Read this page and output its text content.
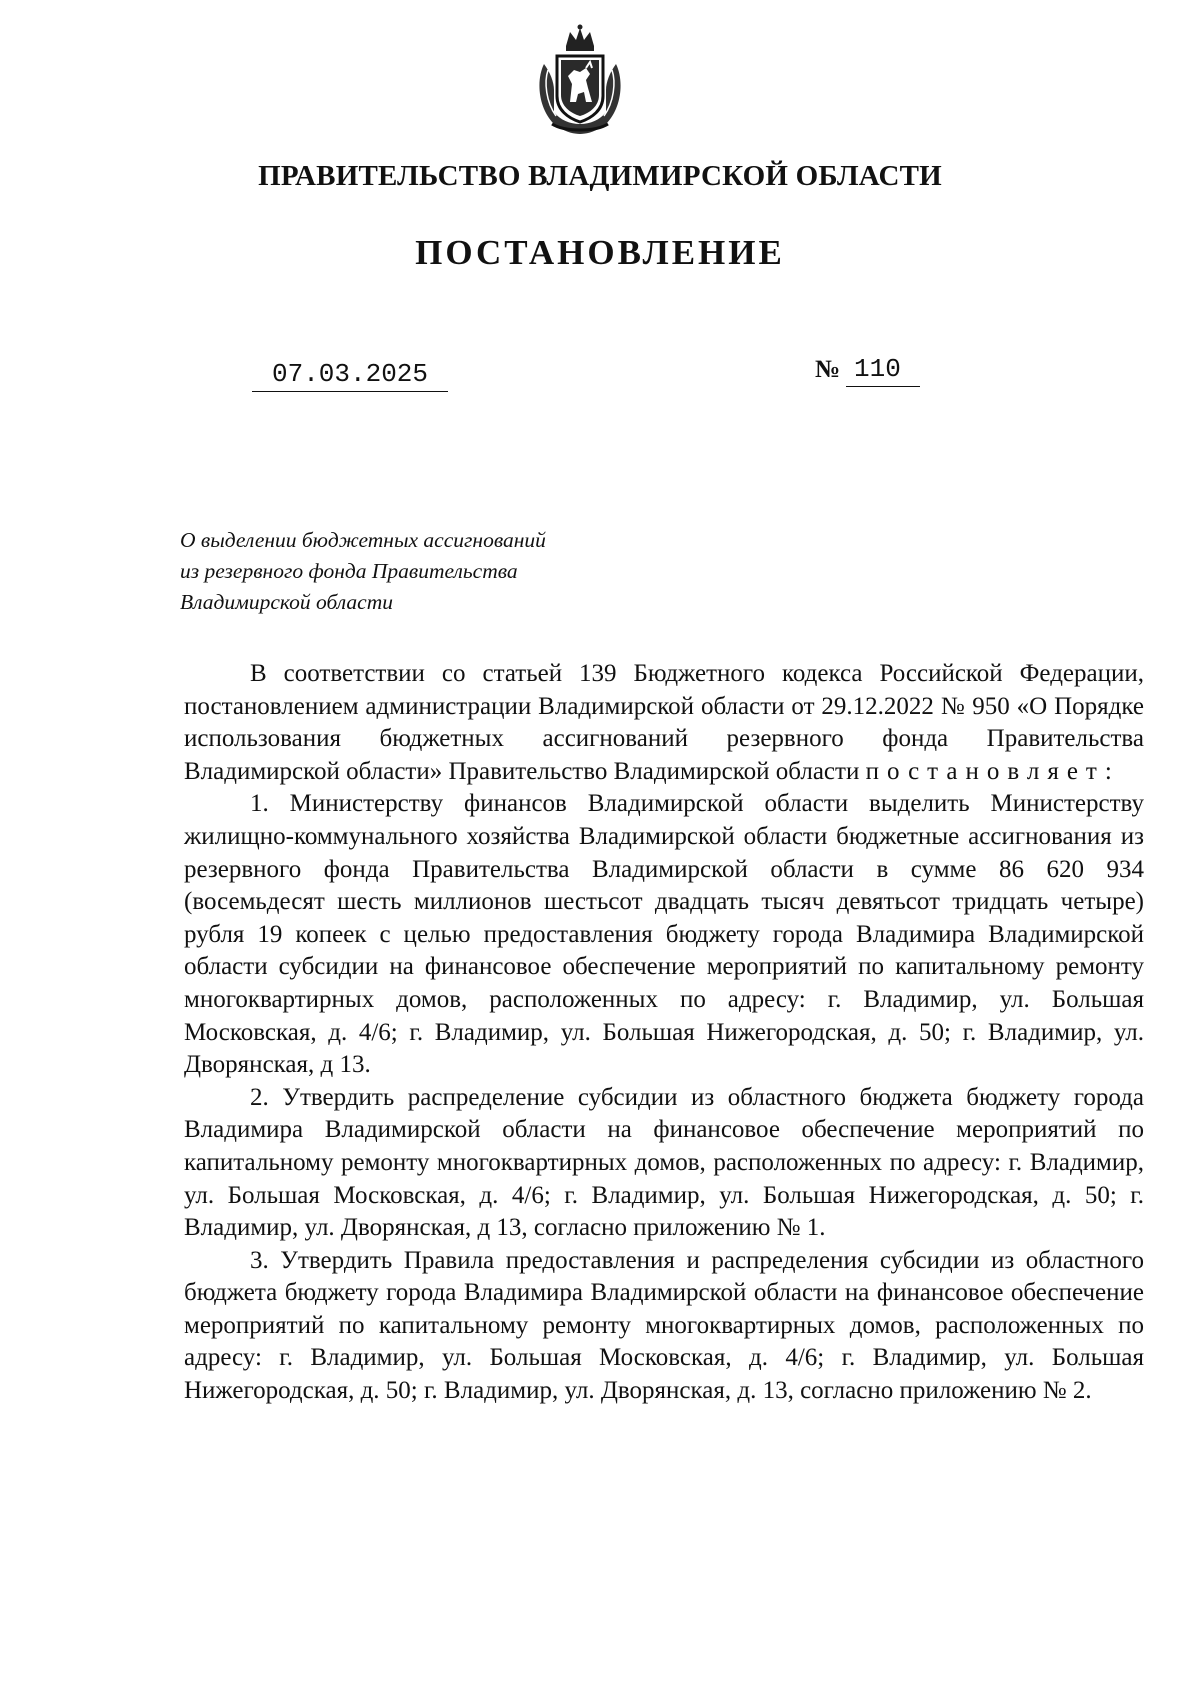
ПРАВИТЕЛЬСТВО ВЛАДИМИРСКОЙ ОБЛАСТИ
ПОСТАНОВЛЕНИЕ
07.03.2025	№ 110
О выделении бюджетных ассигнований
из резервного фонда Правительства
Владимирской области

В соответствии со статьей 139 Бюджетного кодекса Российской Федерации, постановлением администрации Владимирской области от 29.12.2022 № 950 «О Порядке использования бюджетных ассигнований резервного фонда Правительства Владимирской области» Правительство Владимирской области постановляет:

1. Министерству финансов Владимирской области выделить Министерству жилищно-коммунального хозяйства Владимирской области бюджетные ассигнования из резервного фонда Правительства Владимирской области в сумме 86 620 934 (восемьдесят шесть миллионов шестьсот двадцать тысяч девятьсот тридцать четыре) рубля 19 копеек с целью предоставления бюджету города Владимира Владимирской области субсидии на финансовое обеспечение мероприятий по капитальному ремонту многоквартирных домов, расположенных по адресу: г. Владимир, ул. Большая Московская, д. 4/6; г. Владимир, ул. Большая Нижегородская, д. 50; г. Владимир, ул. Дворянская, д 13.

2. Утвердить распределение субсидии из областного бюджета бюджету города Владимира Владимирской области на финансовое обеспечение мероприятий по капитальному ремонту многоквартирных домов, расположенных по адресу: г. Владимир, ул. Большая Московская, д. 4/6; г. Владимир, ул. Большая Нижегородская, д. 50; г. Владимир, ул. Дворянская, д 13, согласно приложению № 1.

3. Утвердить Правила предоставления и распределения субсидии из областного бюджета бюджету города Владимира Владимирской области на финансовое обеспечение мероприятий по капитальному ремонту многоквартирных домов, расположенных по адресу: г. Владимир, ул. Большая Московская, д. 4/6; г. Владимир, ул. Большая Нижегородская, д. 50; г. Владимир, ул. Дворянская, д. 13, согласно приложению № 2.
